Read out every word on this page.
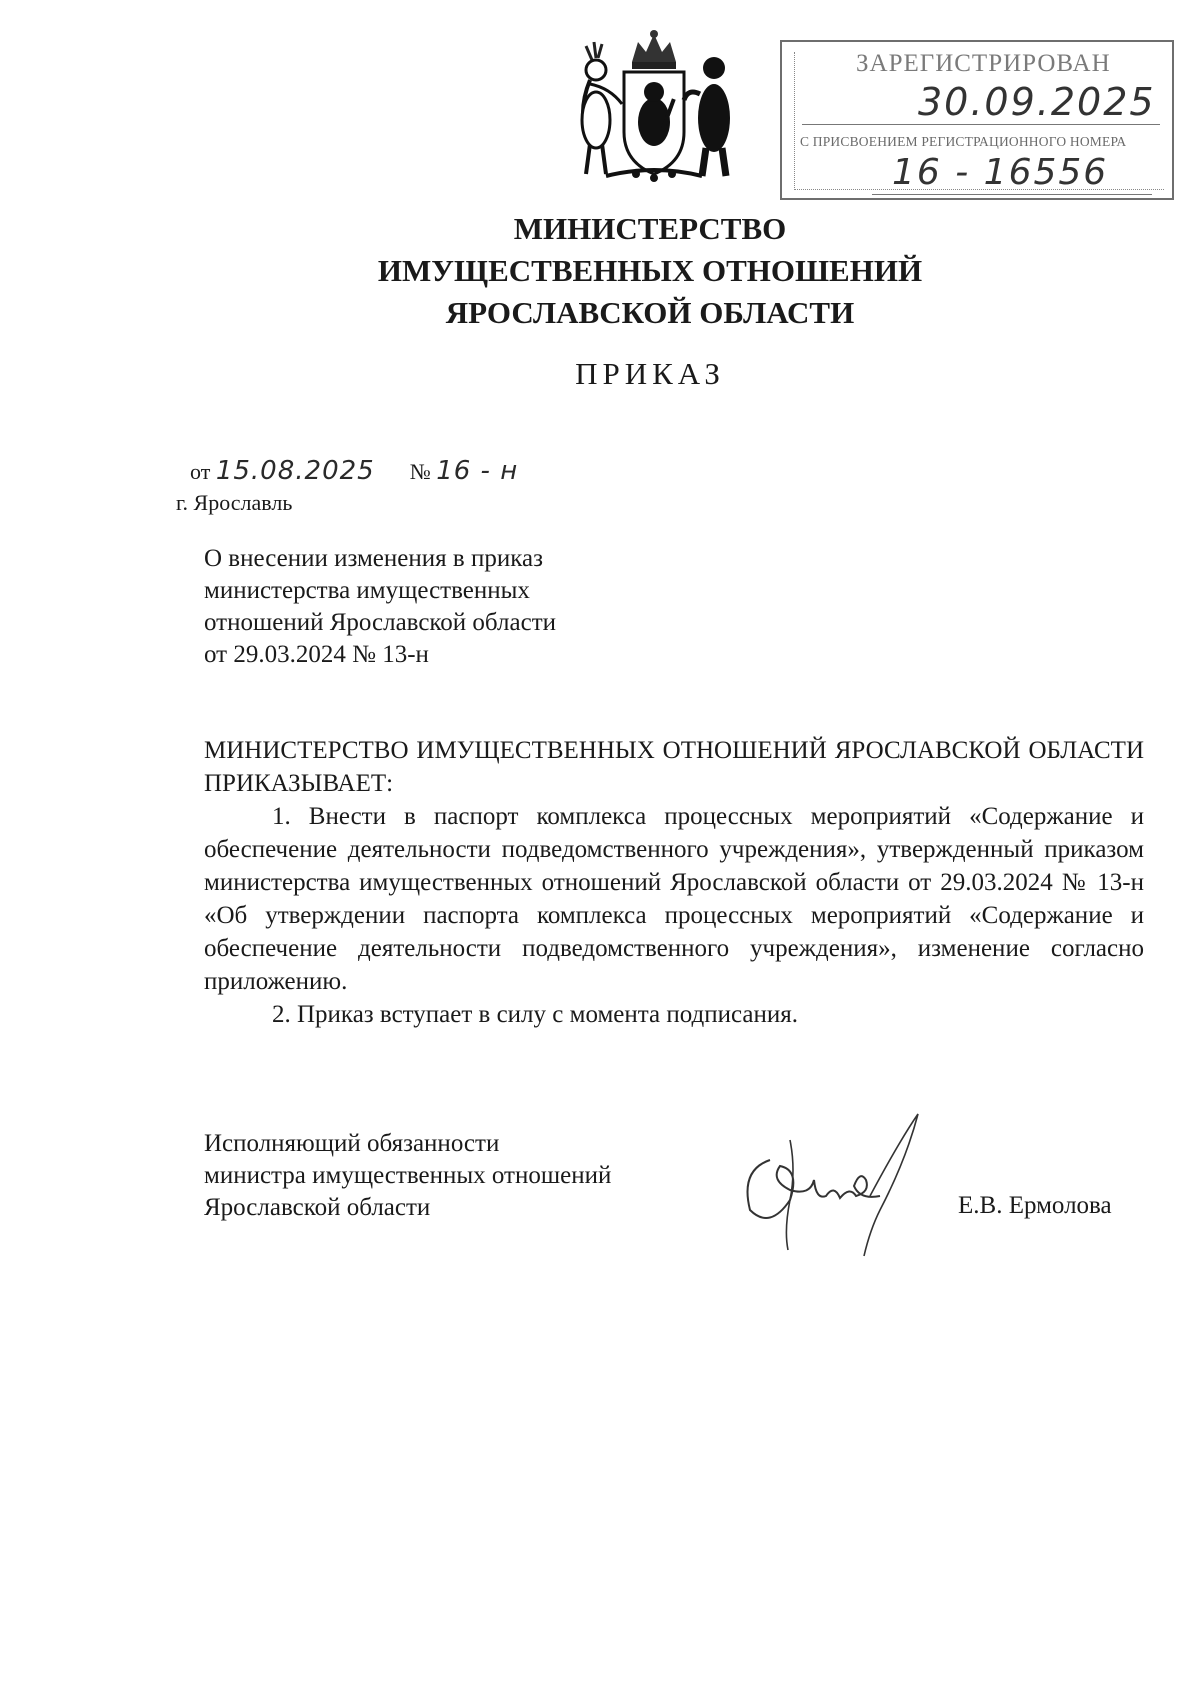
ЗАРЕГИСТРИРОВАН
30.09.2025
С ПРИСВОЕНИЕМ РЕГИСТРАЦИОННОГО НОМЕРА
16 - 16556
МИНИСТЕРСТВО
ИМУЩЕСТВЕННЫХ ОТНОШЕНИЙ
ЯРОСЛАВСКОЙ ОБЛАСТИ
ПРИКАЗ
от 15.08.2025 № 16 - н
г. Ярославль

О внесении изменения в приказ

министерства имущественных

отношений Ярославской области

от 29.03.2024 № 13-н

МИНИСТЕРСТВО ИМУЩЕСТВЕННЫХ ОТНОШЕНИЙ ЯРОСЛАВСКОЙ ОБЛАСТИ ПРИКАЗЫВАЕТ:

1. Внести в паспорт комплекса процессных мероприятий «Содержание и обеспечение деятельности подведомственного учреждения», утвержденный приказом министерства имущественных отношений Ярославской области от 29.03.2024 № 13-н «Об утверждении паспорта комплекса процессных мероприятий «Содержание и обеспечение деятельности подведомственного учреждения», изменение согласно приложению.

2. Приказ вступает в силу с момента подписания.

Исполняющий обязанности

министра имущественных отношений

Ярославской области	Е.В. Ермолова
